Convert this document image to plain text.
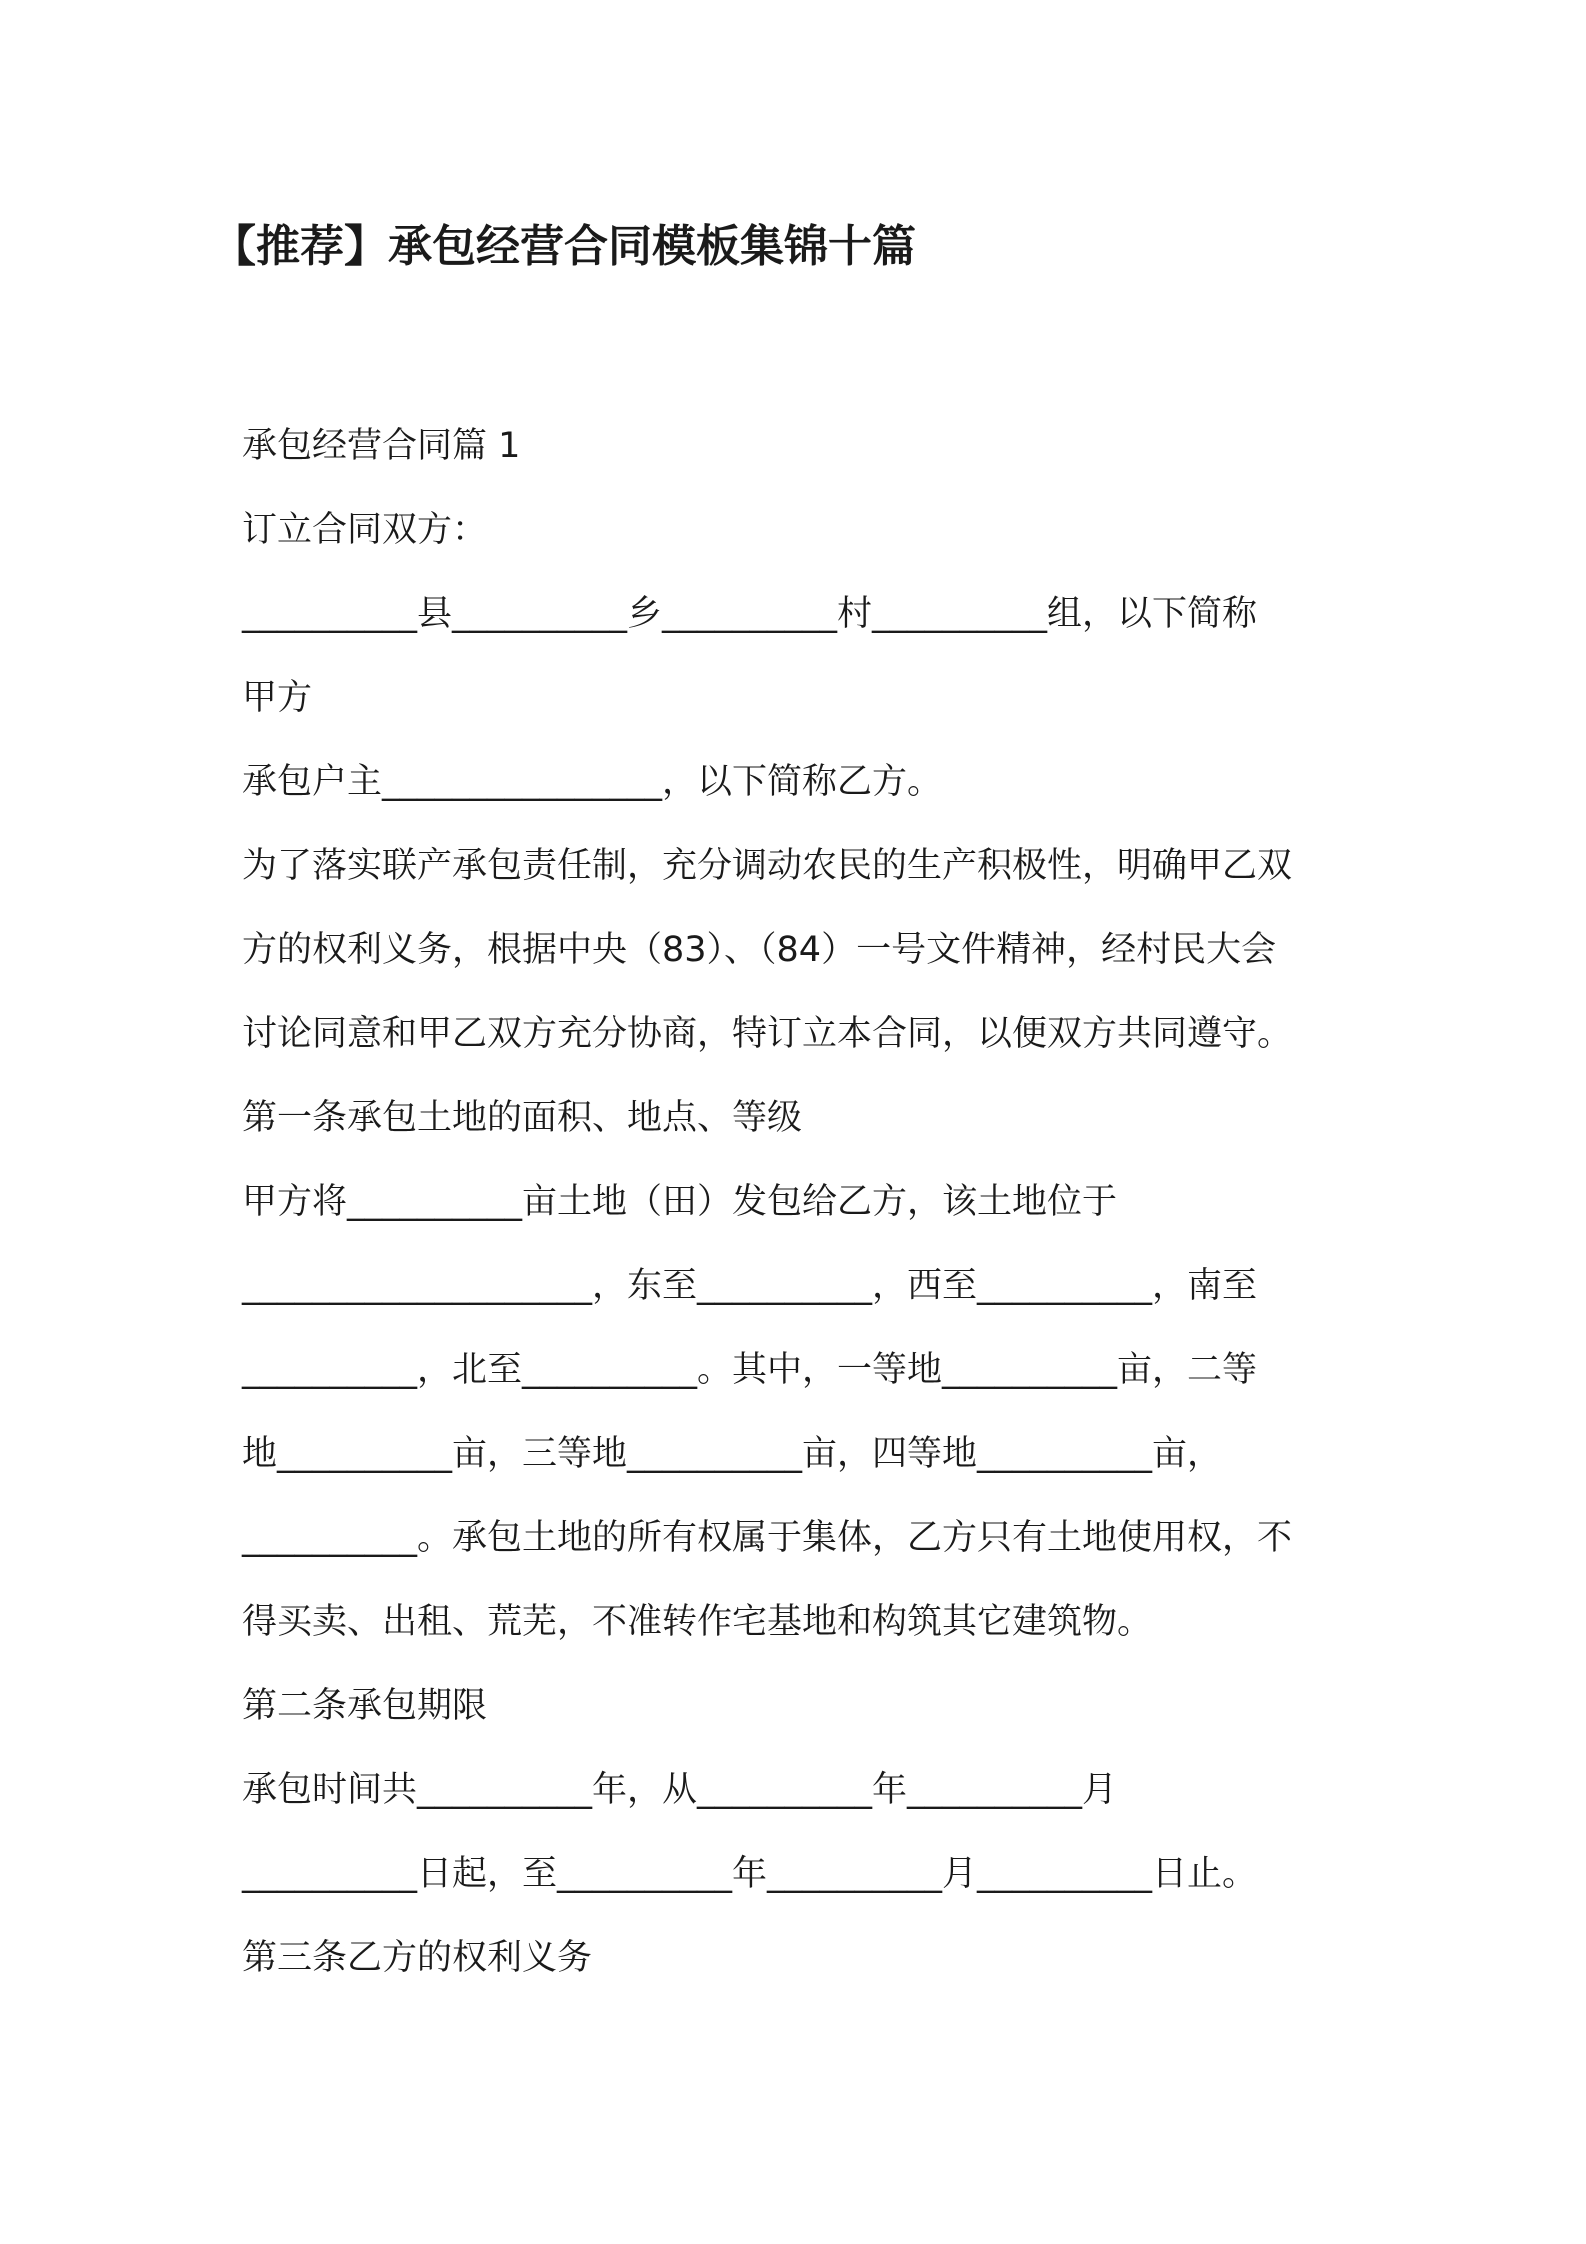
【推荐】承包经营合同模板集锦十篇
承包经营合同篇 1
订立合同双方：
__________县__________乡__________村__________组，以下简称
甲方
承包户主________________，以下简称乙方。
为了落实联产承包责任制，充分调动农民的生产积极性，明确甲乙双
方的权利义务，根据中央（83）、（84）一号文件精神，经村民大会
讨论同意和甲乙双方充分协商，特订立本合同，以便双方共同遵守。
第一条承包土地的面积、地点、等级
甲方将__________亩土地（田）发包给乙方，该土地位于
____________________，东至__________，西至__________，南至
__________，北至__________。其中，一等地__________亩，二等
地__________亩，三等地__________亩，四等地__________亩，
__________。承包土地的所有权属于集体，乙方只有土地使用权，不
得买卖、出租、荒芜，不准转作宅基地和构筑其它建筑物。
第二条承包期限
承包时间共__________年，从__________年__________月
__________日起，至__________年__________月__________日止。
第三条乙方的权利义务
